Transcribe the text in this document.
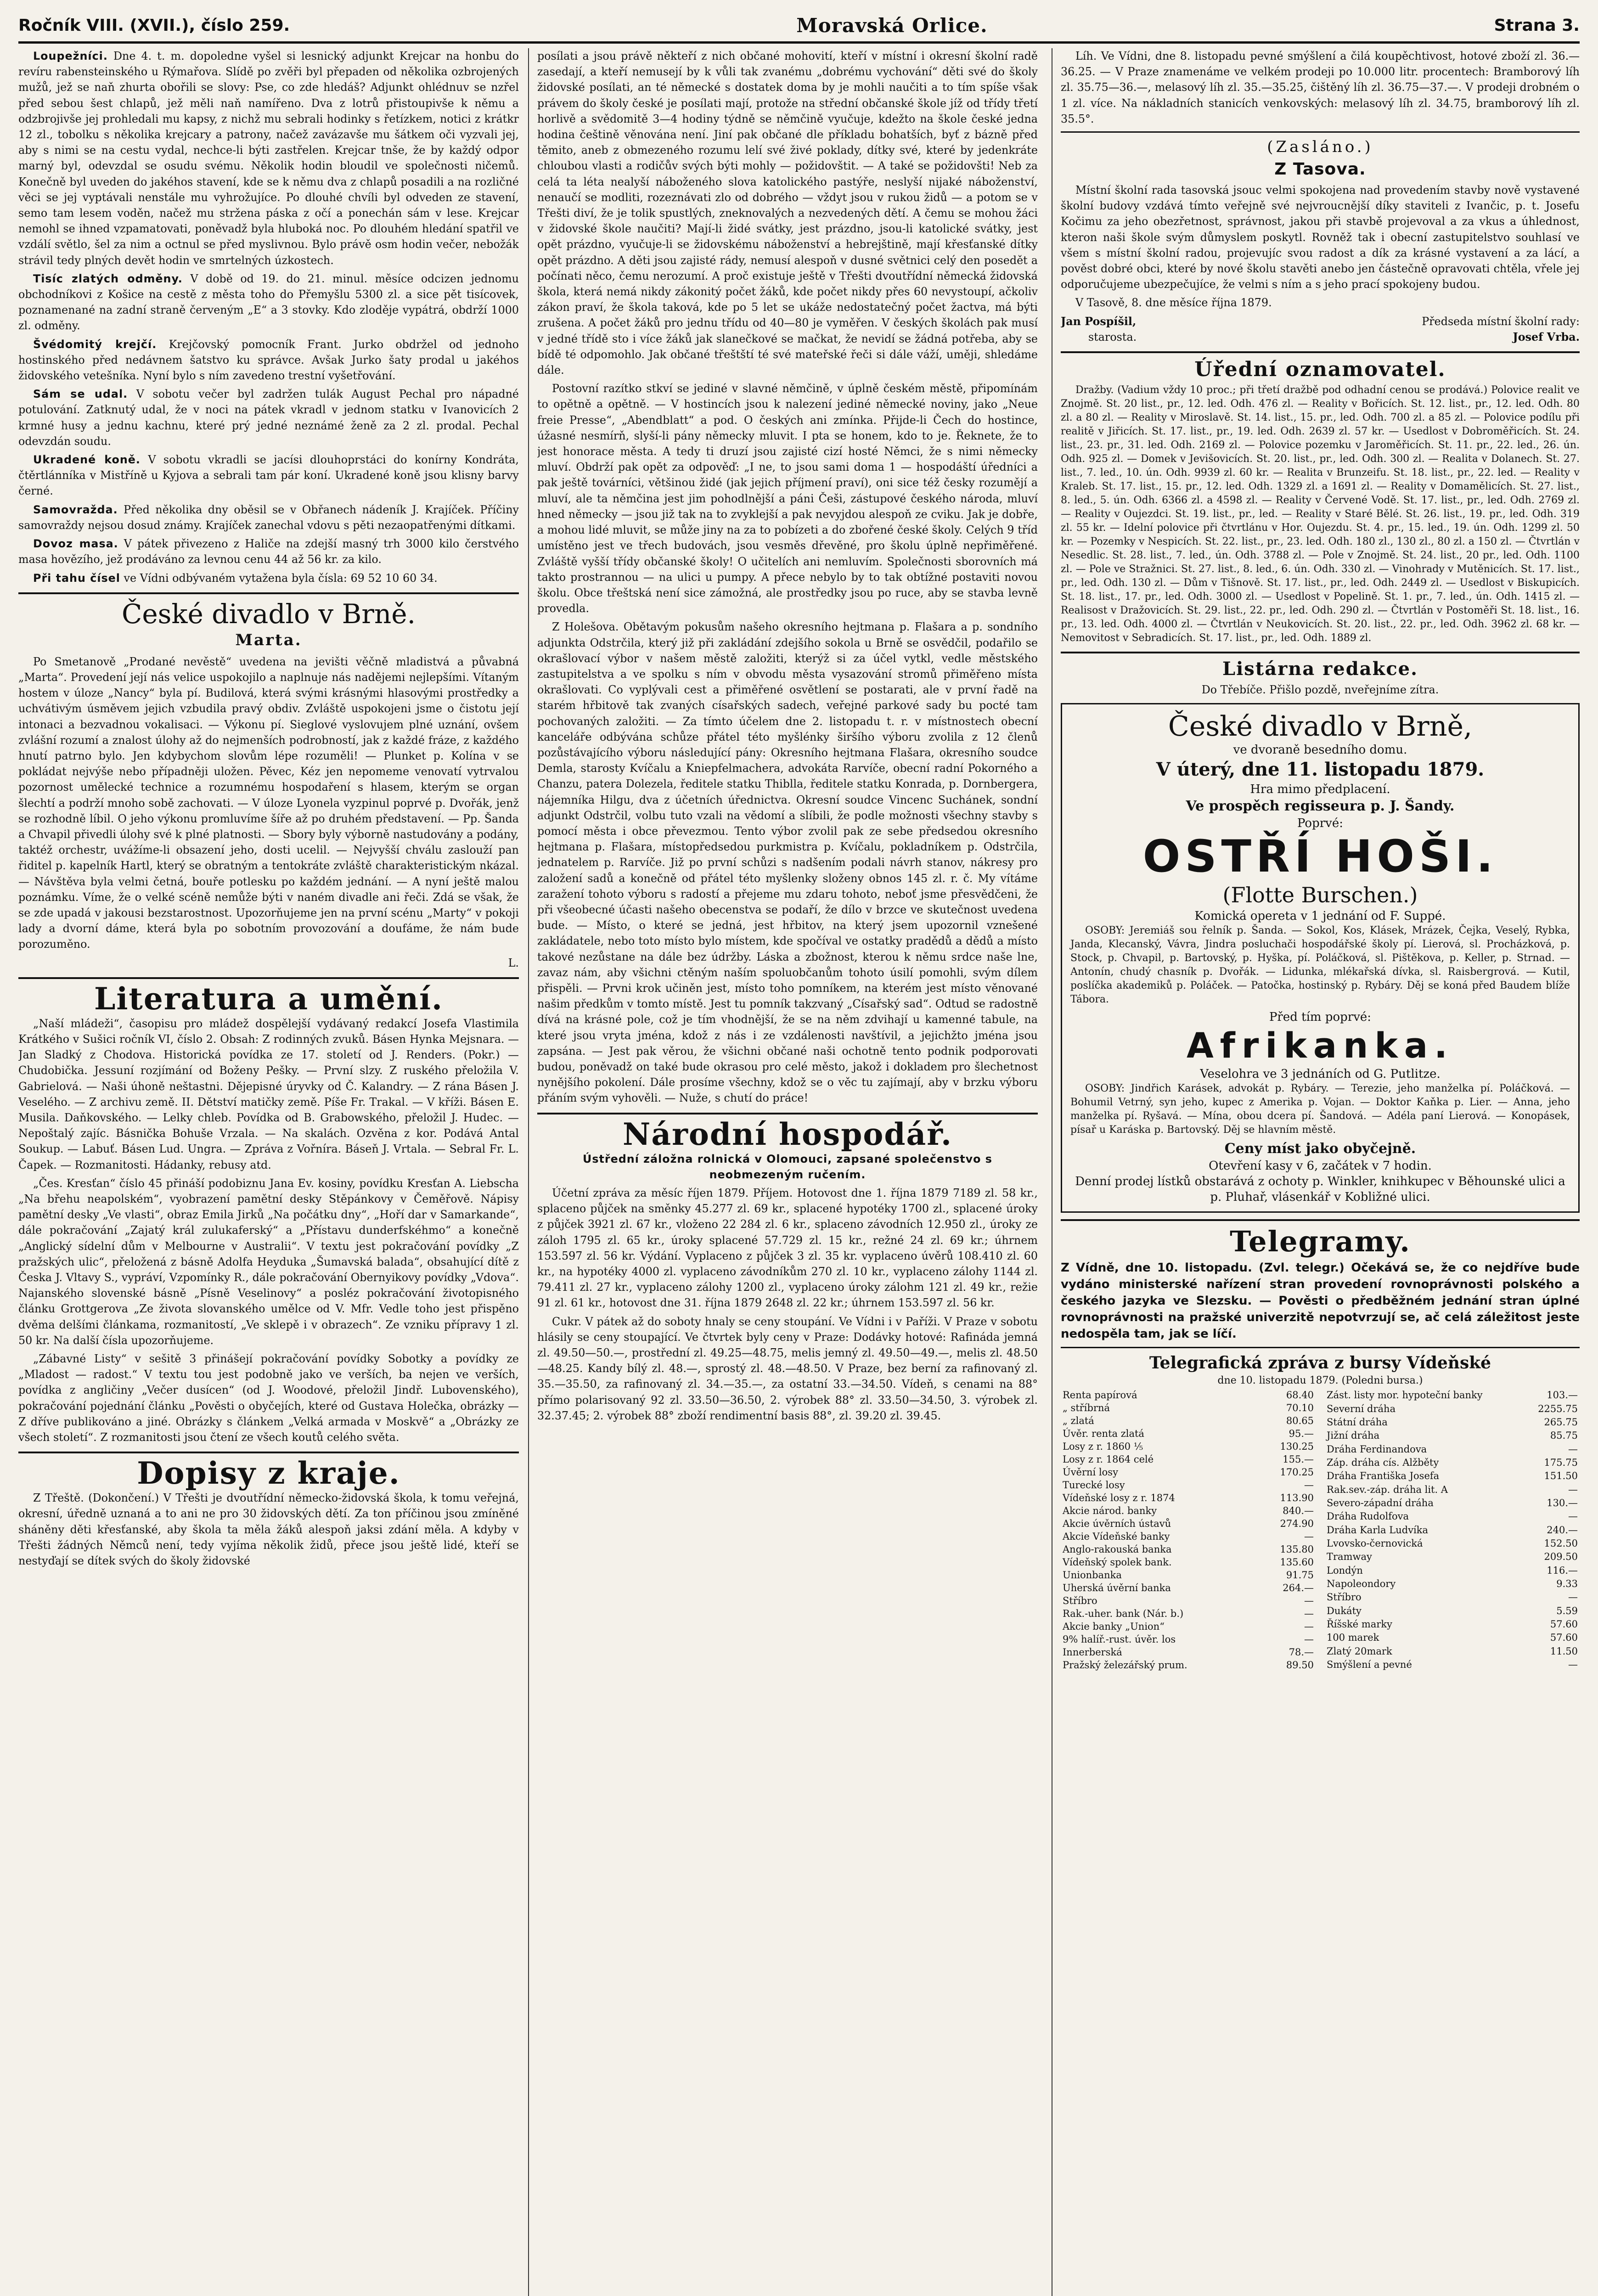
Ročník VIII. (XVII.), číslo 259.	Moravská Orlice.	Strana 3.

Loupežníci. Dne 4. t. m. dopoledne vyšel si lesnický adjunkt Krejcar na honbu do revíru rabensteinského u Rýmařova. Slídě po zvěři byl přepaden od několika ozbrojených mužů, jež se naň zhurta obořili se slovy: Pse, co zde hledáš? Adjunkt ohlédnuv se nzřel před sebou šest chlapů, jež měli naň namířeno. Dva z lotrů přistoupivše k němu a odzbrojivše jej prohledali mu kapsy, z nichž mu sebrali hodinky s řetízkem, notici z krátkr 12 zl., tobolku s několika krejcary a patrony, načež zavázavše mu šátkem oči vyzvali jej, aby s nimi se na cestu vydal, nechce-li býti zastřelen. Krejcar tnše, že by každý odpor marný byl, odevzdal se osudu svému. Několik hodin bloudil ve společnosti ničemů. Konečně byl uveden do jakéhos stavení, kde se k němu dva z chlapů posadili a na rozličné věci se jej vyptávali nenstále mu vyhrožujíce. Po dlouhé chvíli byl odveden ze stavení, semo tam lesem voděn, načež mu stržena páska z očí a ponechán sám v lese. Krejcar nemohl se ihned vzpamatovati, poněvadž byla hluboká noc. Po dlouhém hledání spatřil ve vzdálí světlo, šel za nim a octnul se před myslivnou. Bylo právě osm hodin večer, nebožák strávil tedy plných devět hodin ve smrtelných úzkostech.

Tisíc zlatých odměny. V době od 19. do 21. minul. měsíce odcizen jednomu obchodníkovi z Košice na cestě z města toho do Přemyšlu 5300 zl. a sice pět tisícovek, poznamenané na zadní straně červeným „E“ a 3 stovky. Kdo zloděje vypátrá, obdrží 1000 zl. odměny.

Švédomitý krejčí. Krejčovský pomocník Frant. Jurko obdržel od jednoho hostinského před nedávnem šatstvo ku správce. Avšak Jurko šaty prodal u jakéhos židovského vetešníka. Nyní bylo s ním zavedeno trestní vyšetřování.

Sám se udal. V sobotu večer byl zadržen tulák August Pechal pro nápadné potulování. Zatknutý udal, že v noci na pátek vkradl v jednom statku v Ivanovicích 2 krmné husy a jednu kachnu, které prý jedné neznámé ženě za 2 zl. prodal. Pechal odevzdán soudu.

Ukradené koně. V sobotu vkradli se jacísi dlouhoprstáci do konírny Kondráta, čtěrtlánníka v Mistříně u Kyjova a sebrali tam pár koní. Ukradené koně jsou klisny barvy černé.

Samovražda. Před několika dny oběsil se v Obřanech nádeník J. Krajíček. Příčiny samovraždy nejsou dosud známy. Krajíček zanechal vdovu s pěti nezaopatřenými dítkami.

Dovoz masa. V pátek přivezeno z Haliče na zdejší masný trh 3000 kilo čerstvého masa hovězího, jež prodáváno za levnou cenu 44 až 56 kr. za kilo.

Při tahu čísel ve Vídni odbývaném vytažena byla čísla: 69 52 10 60 34.

České divadlo v Brně.
Marta.

Po Smetanově „Prodané nevěstě“ uvedena na jevišti věčně mladistvá a půvabná „Marta“. Provedení její nás velice uspokojilo a naplnuje nás nadějemi nejlepšími. Vítaným hostem v úloze „Nancy“ byla pí. Budilová, která svými krásnými hlasovými prostředky a uchvátivým úsměvem jejich vzbudila pravý obdiv. Zvláště uspokojeni jsme o čistotu její intonaci a bezvadnou vokalisaci. — Výkonu pí. Sieglové vyslovujem plné uznání, ovšem zvlášní rozumí a znalost úlohy až do nejmenších podrobností, jak z každé fráze, z každého hnutí patrno bylo. Jen kdybychom slovům lépe rozuměli! — Plunket p. Kolína v se pokládat nejvýše nebo případněji uložen. Pěvec, Kéz jen nepomeme venovatí vytrvalou pozornost umělecké technice a rozumnému hospodaření s hlasem, kterým se organ šlechtí a podrží mnoho sobě zachovati. — V úloze Lyonela vyzpinul poprvé p. Dvořák, jenž se rozhodně líbil. O jeho výkonu promluvíme šíře až po druhém představení. — Pp. Šanda a Chvapil přivedli úlohy své k plné platnosti. — Sbory byly výborně nastudovány a podány, taktéž orchestr, uvážíme-li obsazení jeho, dosti ucelil. — Nejvyšší chválu zaslouží pan řiditel p. kapelník Hartl, který se obratným a tentokráte zvláště charakteristickým nkázal. — Návštěva byla velmi četná, bouře potlesku po každém jednání. — A nyní ještě malou poznámku. Víme, že o velké scéně nemůže býti v naném divadle ani řeči. Zdá se však, že se zde upadá v jakousi bezstarostnost. Upozorňujeme jen na první scénu „Marty“ v pokoji lady a dvorní dáme, která byla po sobotním provozování a doufáme, že nám bude porozuměno.

L.

Literatura a umění.

„Naší mládeži“, časopisu pro mládež dospělejší vydávaný redakcí Josefa Vlastimila Krátkého v Sušici ročník VI, číslo 2. Obsah: Z rodinných zvuků. Básen Hynka Mejsnara. — Jan Sladký z Chodova. Historická povídka ze 17. století od J. Renders. (Pokr.) — Chudobička. Jessuní rozjímání od Boženy Pešky. — První slzy. Z ruského přeložila V. Gabrielová. — Naši úhoně neštastni. Dějepisné úryvky od Č. Kalandry. — Z rána Básen J. Veselého. — Z archivu země. II. Dětství matičky země. Píše Fr. Trakal. — V kříži. Básen E. Musila. Daňkovského. — Lelky chleb. Povídka od B. Grabowského, přeložil J. Hudec. — Nepoštalý zajíc. Básnička Bohuše Vrzala. — Na skalách. Ozvěna z kor. Podává Antal Soukup. — Labuť. Básen Lud. Ungra. — Zpráva z Vořníra. Báseň J. Vrtala. — Sebral Fr. L. Čapek. — Rozmanitosti. Hádanky, rebusy atd.

„Čes. Kresťan“ číslo 45 přináší podobiznu Jana Ev. kosiny, povídku Kresťan A. Liebscha „Na břehu neapolském“, vyobrazení pamětní desky Stěpánkovy v Čeměřově. Nápisy pamětní desky „Ve vlasti“, obraz Emila Jirků „Na počátku dny“, „Hoří dar v Samarkande“, dále pokračování „Zajatý král zulukaferský“ a „Přístavu dunderfskéhmo“ a konečně „Anglický sídelní dům v Melbourne v Australii“. V textu jest pokračování povídky „Z pražských ulic“, přeložená z básně Adolfa Heyduka „Šumavská balada“, obsahující dítě z Česka J. Vltavy S., vypráví, Vzpomínky R., dále pokračování Obernyikovy povídky „Vdova“. Najanského slovenské básně „Písně Veselinovy“ a posléz pokračování životopisného článku Grottgerova „Ze života slovanského umělce od V. Mfr. Vedle toho jest přispěno dvěma delšími článkama, rozmanitostí, „Ve sklepě i v obrazech“. Ze vzniku přípravy 1 zl. 50 kr. Na další čísla upozorňujeme.

„Zábavné Listy“ v sešitě 3 přinášejí pokračování povídky Sobotky a povídky ze „Mladost — radost.“ V textu tou jest podobně jako ve verších, ba nejen ve verších, povídka z angličiny „Večer dusícen“ (od J. Woodové, přeložil Jindř. Lubovenského), pokračování pojednání článku „Pověsti o obyčejích, které od Gustava Holečka, obrázky — Z dříve publikováno a jiné. Obrázky s článkem „Velká armada v Moskvě“ a „Obrázky ze všech století“. Z rozmanitosti jsou čtení ze všech koutů celého světa.

Dopisy z kraje.

Z Třeště. (Dokončení.) V Třešti je dvoutřídní německo-židovská škola, k tomu veřejná, okresní, úředně uznaná a to ani ne pro 30 židovských dětí. Za ton příčinou jsou zmíněné sháněny děti křesťanské, aby škola ta měla žáků alespoň jaksi zdání měla. A kdyby v Třešti žádných Němců není, tedy vyjíma několik židů, přece jsou ještě lidé, kteří se nestyďají se dítek svých do školy židovské

posílati a jsou právě někteří z nich občané mohovití, kteří v místní i okresní školní radě zasedají, a kteří nemusejí by k vůli tak zvanému „dobrému vychování“ děti své do školy židovské posílati, an té německé s dostatek doma by je mohli naučiti a to tím spíše však právem do školy české je posílati mají, protože na střední občanské škole jíž od třídy třetí horlivě a svědomitě 3—4 hodiny týdně se němčině vyučuje, kdežto na škole české jedna hodina češtině věnována není. Jiní pak občané dle příkladu bohatších, byť z bázně před těmito, aneb z obmezeného rozumu lelí své živé poklady, dítky své, které by jedenkráte chloubou vlasti a rodičův svých býti mohly — požidovštit. — A také se požidovšti! Neb za celá ta léta nealyší náboženého slova katolického pastýře, neslyší nijaké náboženství, nenaučí se modliti, rozeznávati zlo od dobrého — vždyt jsou v rukou židů — a potom se v Třešti diví, že je tolik spustlých, zneknovalých a nezvedených dětí. A čemu se mohou žáci v židovské škole naučiti? Mají-li židé svátky, jest prázdno, jsou-li katolické svátky, jest opět prázdno, vyučuje-li se židovskému náboženství a hebrejštině, mají křesťanské dítky opět prázdno. A děti jsou zajisté rády, nemusí alespoň v dusné světnici celý den posedět a počínati něco, čemu nerozumí. A proč existuje ještě v Třešti dvoutřídní německá židovská škola, která nemá nikdy zákonitý počet žáků, kde počet nikdy přes 60 nevystoupí, ačkoliv zákon praví, že škola taková, kde po 5 let se ukáže nedostatečný počet žactva, má býti zrušena. A počet žáků pro jednu třídu od 40—80 je vyměřen. V českých školách pak musí v jedné třídě sto i více žáků jak slanečkové se mačkat, že nevidí se žádná potřeba, aby se bídě té odpomohlo. Jak občané třeštští té své mateřské řeči si dále váží, uměji, shledáme dále.

Postovní razítko stkví se jediné v slavné němčině, v úplně českém městě, připomínám to opětně a opětně. — V hostincích jsou k nalezení jediné německé noviny, jako „Neue freie Presse“, „Abendblatt“ a pod. O českých ani zmínka. Přijde-li Čech do hostince, úžasné nesmírň, slyší-li pány německy mluvit. I pta se honem, kdo to je. Řeknete, že to jest honorace města. A tedy ti druzí jsou zajisté cizí hosté Němci, že s nimi německy mluví. Obdrží pak opět za odpověď: „I ne, to jsou sami doma 1 — hospodáští úředníci a pak ještě továrníci, většinou židé (jak jejich příjmení praví), oni sice též česky rozumějí a mluví, ale ta němčina jest jim pohodlnější a páni Češi, zástupové českého národa, mluví hned německy — jsou již tak na to zvyklejší a pak nevyjdou alespoň ze cviku. Jak je dobře, a mohou lidé mluvit, se může jiny na za to pobízeti a do zbořené české školy. Celých 9 tříd umístěno jest ve třech budovách, jsou vesměs dřevěné, pro školu úplně nepřiměřené. Zvláště vyšší třídy občanské školy! O učitelích ani nemluvím. Společnosti sborovních má takto prostrannou — na ulici u pumpy. A přece nebylo by to tak obtížné postaviti novou školu. Obce třeštská není sice zámožná, ale prostředky jsou po ruce, aby se stavba levně provedla.

Z Holešova. Obětavým pokusům našeho okresního hejtmana p. Flašara a p. sondního adjunkta Odstrčila, který již při zakládání zdejšího sokola u Brně se osvědčil, podařilo se okrašlovací výbor v našem městě založiti, kterýž si za účel vytkl, vedle městského zastupitelstva a ve spolku s ním v obvodu města vysazování stromů přiměřeno místa okrašlovati. Co vyplývali cest a přiměřené osvětlení se postarati, ale v první řadě na starém hřbitově tak zvaných císařských sadech, veřejné parkové sady bu pocté tam pochovaných založiti. — Za tímto účelem dne 2. listopadu t. r. v místnostech obecní kanceláře odbývána schůze přátel této myšlénky širšího výboru zvolila z 12 členů pozůstávajícího výboru následující pány: Okresního hejtmana Flašara, okresního soudce Demla, starosty Kvíčalu a Kniepfelmachera, advokáta Rarvíče, obecní radní Pokorného a Chanzu, patera Dolezela, ředitele statku Thiblla, ředitele statku Konrada, p. Dornbergera, nájemníka Hilgu, dva z účetních úřednictva. Okresní soudce Vincenc Suchánek, sondní adjunkt Odstrčil, volbu tuto vzali na vědomí a slíbili, že podle možnosti všechny stavby s pomocí města i obce převezmou. Tento výbor zvolil pak ze sebe předsedou okresního hejtmana p. Flašara, místopředsedou purkmistra p. Kvíčalu, pokladníkem p. Odstrčila, jednatelem p. Rarvíče. Již po první schůzi s nadšením podali návrh stanov, nákresy pro založení sadů a konečně od přátel této myšlenky složeny obnos 145 zl. r. č. My vítáme zaražení tohoto výboru s radostí a přejeme mu zdaru tohoto, neboť jsme přesvědčeni, že při všeobecné účasti našeho obecenstva se podaří, že dílo v brzce ve skutečnost uvedena bude. — Místo, o které se jedná, jest hřbitov, na který jsem upozornil vznešené zakládatele, nebo toto místo bylo místem, kde spočíval ve ostatky pradědů a dědů a místo takové nezůstane na dále bez údržby. Láska a zbožnost, kterou k němu srdce naše lne, zavaz nám, aby všichni ctěným naším spoluobčanům tohoto úsilí pomohli, svým dílem přispěli. — Prvni krok učiněn jest, místo toho pomníkem, na kterém jest místo věnované našim předkům v tomto místě. Jest tu pomník takzvaný „Císařský sad“. Odtud se radostně dívá na krásné pole, což je tím vhodnější, že se na něm zdvihají u kamenné tabule, na které jsou vryta jména, kdož z nás i ze vzdálenosti navštívil, a jejichžto jména jsou zapsána. — Jest pak věrou, že všichni občané naši ochotně tento podnik podporovati budou, poněvadž on také bude okrasou pro celé město, jakož i dokladem pro šlechetnost nynějšího pokolení. Dále prosíme všechny, kdož se o věc tu zajímají, aby v brzku výboru přáním svým vyhověli. — Nuže, s chutí do práce!

Národní hospodář.

Ústřední záložna rolnická v Olomouci, zapsané společenstvo s neobmezeným ručením.

Účetní zpráva za měsíc říjen 1879. Příjem. Hotovost dne 1. října 1879 7189 zl. 58 kr., splaceno půjček na směnky 45.277 zl. 69 kr., splacené hypotéky 1700 zl., splacené úroky z půjček 3921 zl. 67 kr., vloženo 22 284 zl. 6 kr., splaceno závodních 12.950 zl., úroky ze záloh 1795 zl. 65 kr., úroky splacené 57.729 zl. 15 kr., režné 24 zl. 69 kr.; úhrnem 153.597 zl. 56 kr. Výdání. Vyplaceno z půjček 3 zl. 35 kr. vyplaceno úvěrů 108.410 zl. 60 kr., na hypotéky 4000 zl. vyplaceno závodníkům 270 zl. 10 kr., vyplaceno zálohy 1144 zl. 79.411 zl. 27 kr., vyplaceno zálohy 1200 zl., vyplaceno úroky zálohm 121 zl. 49 kr., režie 91 zl. 61 kr., hotovost dne 31. října 1879 2648 zl. 22 kr.; úhrnem 153.597 zl. 56 kr.

Cukr. V pátek až do soboty hnaly se ceny stoupání. Ve Vídni i v Paříži. V Praze v sobotu hlásily se ceny stoupající. Ve čtvrtek byly ceny v Praze: Dodávky hotové: Rafináda jemná zl. 49.50—50.—, prostřední zl. 49.25—48.75, melis jemný zl. 49.50—49.—, melis zl. 48.50—48.25. Kandy bílý zl. 48.—, sprostý zl. 48.—48.50. V Praze, bez berní za rafinovaný zl. 35.—35.50, za rafinovaný zl. 34.—35.—, za ostatní 33.—34.50. Vídeň, s cenami na 88° přímo polarisovaný 92 zl. 33.50—36.50, 2. výrobek 88° zl. 33.50—34.50, 3. výrobek zl. 32.37.45; 2. výrobek 88° zboží rendimentní basis 88°, zl. 39.20 zl. 39.45.

Líh. Ve Vídni, dne 8. listopadu pevné smýšlení a čilá koupěchtivost, hotové zboží zl. 36.—36.25. — V Praze znamenáme ve velkém prodeji po 10.000 litr. procentech: Bramborový líh zl. 35.75—36.—, melasový líh zl. 35.—35.25, čištěný líh zl. 36.75—37.—. V prodeji drobném o 1 zl. více. Na nákladních stanicích venkovských: melasový líh zl. 34.75, bramborový líh zl. 35.5°.

(Zasláno.)

Z Tasova.

Místní školní rada tasovská jsouc velmi spokojena nad provedením stavby nově vystavené školní budovy vzdává tímto veřejně své nejvroucnější díky staviteli z Ivančic, p. t. Josefu Kočimu za jeho obezřetnost, správnost, jakou při stavbě projevoval a za vkus a úhlednost, kteron naši škole svým důmyslem poskytl. Rovněž tak i obecní zastupitelstvo souhlasí ve všem s místní školní radou, projevujíc svou radost a dík za krásné vystavení a za lácí, a pověst dobré obci, které by nové školu stavěti anebo jen částečně opravovati chtěla, vřele jej odporučujeme ubezpečujíce, že velmi s ním a s jeho prací spokojeny budou.

V Tasově, 8. dne měsíce října 1879.

Jan Pospíšil,
starosta.
Předseda místní školní rady:
Josef Vrba.
Úřední oznamovatel.

Dražby. (Vadium vždy 10 proc.; při třetí dražbě pod odhadní cenou se prodává.) Polovice realit ve Znojmě. St. 20 list., pr., 12. led. Odh. 476 zl. — Reality v Bořicích. St. 12. list., pr., 12. led. Odh. 80 zl. a 80 zl. — Reality v Miroslavě. St. 14. list., 15. pr., led. Odh. 700 zl. a 85 zl. — Polovice podílu při realitě v Jiřicích. St. 17. list., pr., 19. led. Odh. 2639 zl. 57 kr. — Usedlost v Dobroměřicích. St. 24. list., 23. pr., 31. led. Odh. 2169 zl. — Polovice pozemku v Jaroměřicích. St. 11. pr., 22. led., 26. ún. Odh. 925 zl. — Domek v Jevišovicích. St. 20. list., pr., led. Odh. 300 zl. — Realita v Dolanech. St. 27. list., 7. led., 10. ún. Odh. 9939 zl. 60 kr. — Realita v Brunzeifu. St. 18. list., pr., 22. led. — Reality v Kraleb. St. 17. list., 15. pr., 12. led. Odh. 1329 zl. a 1691 zl. — Reality v Domamělicích. St. 27. list., 8. led., 5. ún. Odh. 6366 zl. a 4598 zl. — Reality v Červené Vodě. St. 17. list., pr., led. Odh. 2769 zl. — Reality v Oujezdci. St. 19. list., pr., led. — Reality v Staré Bělé. St. 26. list., 19. pr., led. Odh. 319 zl. 55 kr. — Idelní polovice při čtvrtlánu v Hor. Oujezdu. St. 4. pr., 15. led., 19. ún. Odh. 1299 zl. 50 kr. — Pozemky v Nespicích. St. 22. list., pr., 23. led. Odh. 180 zl., 130 zl., 80 zl. a 150 zl. — Čtvrtlán v Nesedlic. St. 28. list., 7. led., ún. Odh. 3788 zl. — Pole v Znojmě. St. 24. list., 20 pr., led. Odh. 1100 zl. — Pole ve Stražnici. St. 27. list., 8. led., 6. ún. Odh. 330 zl. — Vinohrady v Mutěnicích. St. 17. list., pr., led. Odh. 130 zl. — Dům v Tišnově. St. 17. list., pr., led. Odh. 2449 zl. — Usedlost v Biskupicích. St. 18. list., 17. pr., led. Odh. 3000 zl. — Usedlost v Popelině. St. 1. pr., 7. led., ún. Odh. 1415 zl. — Realisost v Dražovicích. St. 29. list., 22. pr., led. Odh. 290 zl. — Čtvrtlán v Postoměři St. 18. list., 16. pr., 13. led. Odh. 4000 zl. — Čtvrtlán v Neukovicích. St. 20. list., 22. pr., led. Odh. 3962 zl. 68 kr. — Nemovitost v Sebradicích. St. 17. list., pr., led. Odh. 1889 zl.

Listárna redakce.

Do Třebíče. Přišlo pozdě, nveřejníme zítra.

České divadlo v Brně,
ve dvoraně besedního domu.
V úterý, dne 11. listopadu 1879.
Hra mimo předplacení.
Ve prospěch regisseura p. J. Šandy.
Poprvé:
OSTŘÍ HOŠI.
(Flotte Burschen.)
Komická opereta v 1 jednání od F. Suppé.

OSOBY: Jeremiáš sou řelník p. Šanda. — Sokol, Kos, Klásek, Mrázek, Čejka, Veselý, Rybka, Janda, Klecanský, Vávra, Jindra posluchači hospodářské školy pí. Lierová, sl. Procházková, p. Stock, p. Chvapil, p. Bartovský, p. Hyška, pí. Poláčková, sl. Pištěkova, p. Keller, p. Strnad. — Antonín, chudý chasník p. Dvořák. — Lidunka, mlékařská dívka, sl. Raisbergrová. — Kutil, poslíčka akademiků p. Poláček. — Patočka, hostinský p. Rybáry. Děj se koná před Baudem blíže Tábora.

Před tím poprvé:
Afrikanka.
Veselohra ve 3 jednáních od G. Putlitze.

OSOBY: Jindřich Karásek, advokát p. Rybáry. — Terezie, jeho manželka pí. Poláčková. — Bohumil Vetrný, syn jeho, kupec z Amerika p. Vojan. — Doktor Kaňka p. Lier. — Anna, jeho manželka pí. Ryšavá. — Mína, obou dcera pí. Šandová. — Adéla paní Lierová. — Konopásek, písař u Karáska p. Bartovský. Děj se hlavním městě.

Ceny míst jako obyčejně.
Otevření kasy v 6, začátek v 7 hodin.
Denní prodej lístků obstarává z ochoty p. Winkler, knihkupec v Běhounské ulici a p. Pluhař, vlásenkář v Kobližné ulici.
Telegramy.

Z Vídně, dne 10. listopadu. (Zvl. telegr.) Očekává se, že co nejdříve bude vydáno ministerské nařízení stran provedení rovnoprávnosti polského a českého jazyka ve Slezsku. — Pověsti o předběžném jednání stran úplné rovnoprávnosti na pražské univerzitě nepotvrzují se, ač celá záležitost jeste nedospěla tam, jak se líčí.

Telegrafická zpráva z bursy Vídeňské
dne 10. listopadu 1879. (Poledni bursa.)
Renta papírová	68.40
„ stříbrná	70.10
„ zlatá	80.65
Úvěr. renta zlatá	95.—
Losy z r. 1860 ⅕	130.25
Losy z r. 1864 celé	155.—
Úvěrní losy	170.25
Turecké losy	—
Vídeňské losy z r. 1874	113.90
Akcie národ. banky	840.—
Akcie úvěrních ústavů	274.90
Akcie Vídeňské banky	—
Anglo-rakouská banka	135.80
Vídeňský spolek bank.	135.60
Unionbanka	91.75
Uherská úvěrní banka	264.—
Stříbro	—
Rak.-uher. bank (Nár. b.)	—
Akcie banky „Union“	—
9% halíř.-rust. úvěr. los	—
Innerberská	78.—
Pražský železářský prum.	89.50
Zást. listy mor. hypoteční banky	103.—
Severní dráha	2255.75
Státní dráha	265.75
Jižní dráha	85.75
Dráha Ferdinandova	—
Záp. dráha cís. Alžběty	175.75
Dráha Františka Josefa	151.50
Rak.sev.-záp. dráha lit. A	—
Severo-západní dráha	130.—
Dráha Rudolfova	—
Dráha Karla Ludvíka	240.—
Lvovsko-černovická	152.50
Tramway	209.50
Londýn	116.—
Napoleondory	9.33
Stříbro	—
Dukáty	5.59
Říšské marky	57.60
100 marek	57.60
Zlatý 20mark	11.50
Smýšlení a pevné	—
